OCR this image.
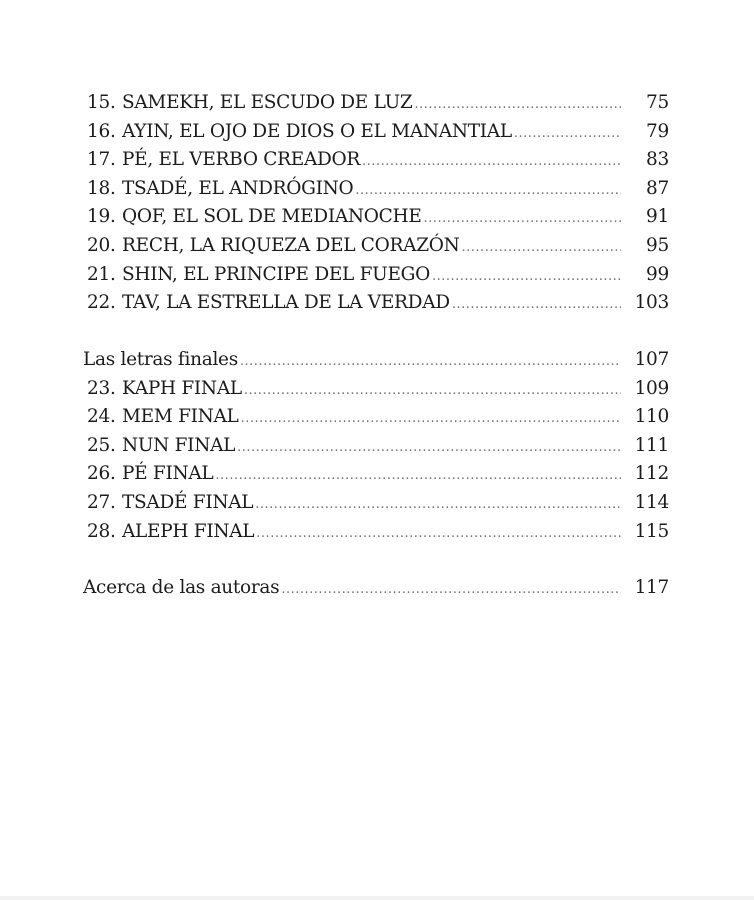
15. SAMEKH, EL ESCUDO DE LUZ .....	75
16. AYIN, EL OJO DE DIOS O EL MANANTIAL .....	79
17. PÉ, EL VERBO CREADOR .....	83
18. TSADÉ, EL ANDRÓGINO .....	87
19. QOF, EL SOL DE MEDIANOCHE .....	91
20. RECH, LA RIQUEZA DEL CORAZÓN .....	95
21. SHIN, EL PRINCIPE DEL FUEGO .....	99
22. TAV, LA ESTRELLA DE LA VERDAD .....	103
Las letras finales .....	107
23. KAPH FINAL .....	109
24. MEM FINAL .....	110
25. NUN FINAL .....	111
26. PÉ FINAL .....	112
27. TSADÉ FINAL .....	114
28. ALEPH FINAL .....	115
Acerca de las autoras .....	117
